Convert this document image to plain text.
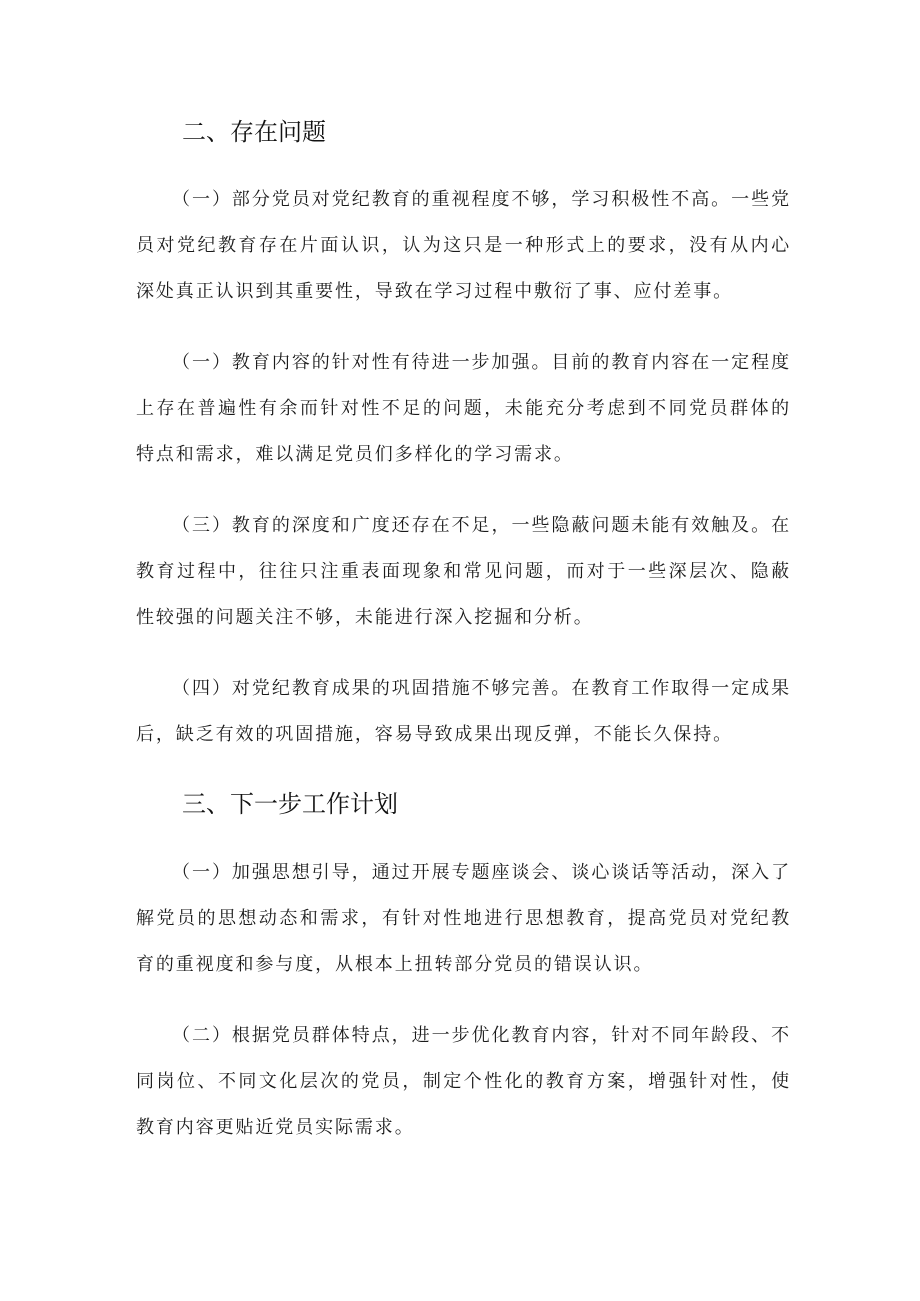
二、存在问题

（一）部分党员对党纪教育的重视程度不够，学习积极性不高。一些党员对党纪教育存在片面认识，认为这只是一种形式上的要求，没有从内心深处真正认识到其重要性，导致在学习过程中敷衍了事、应付差事。

（一）教育内容的针对性有待进一步加强。目前的教育内容在一定程度上存在普遍性有余而针对性不足的问题，未能充分考虑到不同党员群体的特点和需求，难以满足党员们多样化的学习需求。

（三）教育的深度和广度还存在不足，一些隐蔽问题未能有效触及。在教育过程中，往往只注重表面现象和常见问题，而对于一些深层次、隐蔽性较强的问题关注不够，未能进行深入挖掘和分析。

（四）对党纪教育成果的巩固措施不够完善。在教育工作取得一定成果后，缺乏有效的巩固措施，容易导致成果出现反弹，不能长久保持。

三、下一步工作计划

（一）加强思想引导，通过开展专题座谈会、谈心谈话等活动，深入了解党员的思想动态和需求，有针对性地进行思想教育，提高党员对党纪教育的重视度和参与度，从根本上扭转部分党员的错误认识。

（二）根据党员群体特点，进一步优化教育内容，针对不同年龄段、不同岗位、不同文化层次的党员，制定个性化的教育方案，增强针对性，使教育内容更贴近党员实际需求。
